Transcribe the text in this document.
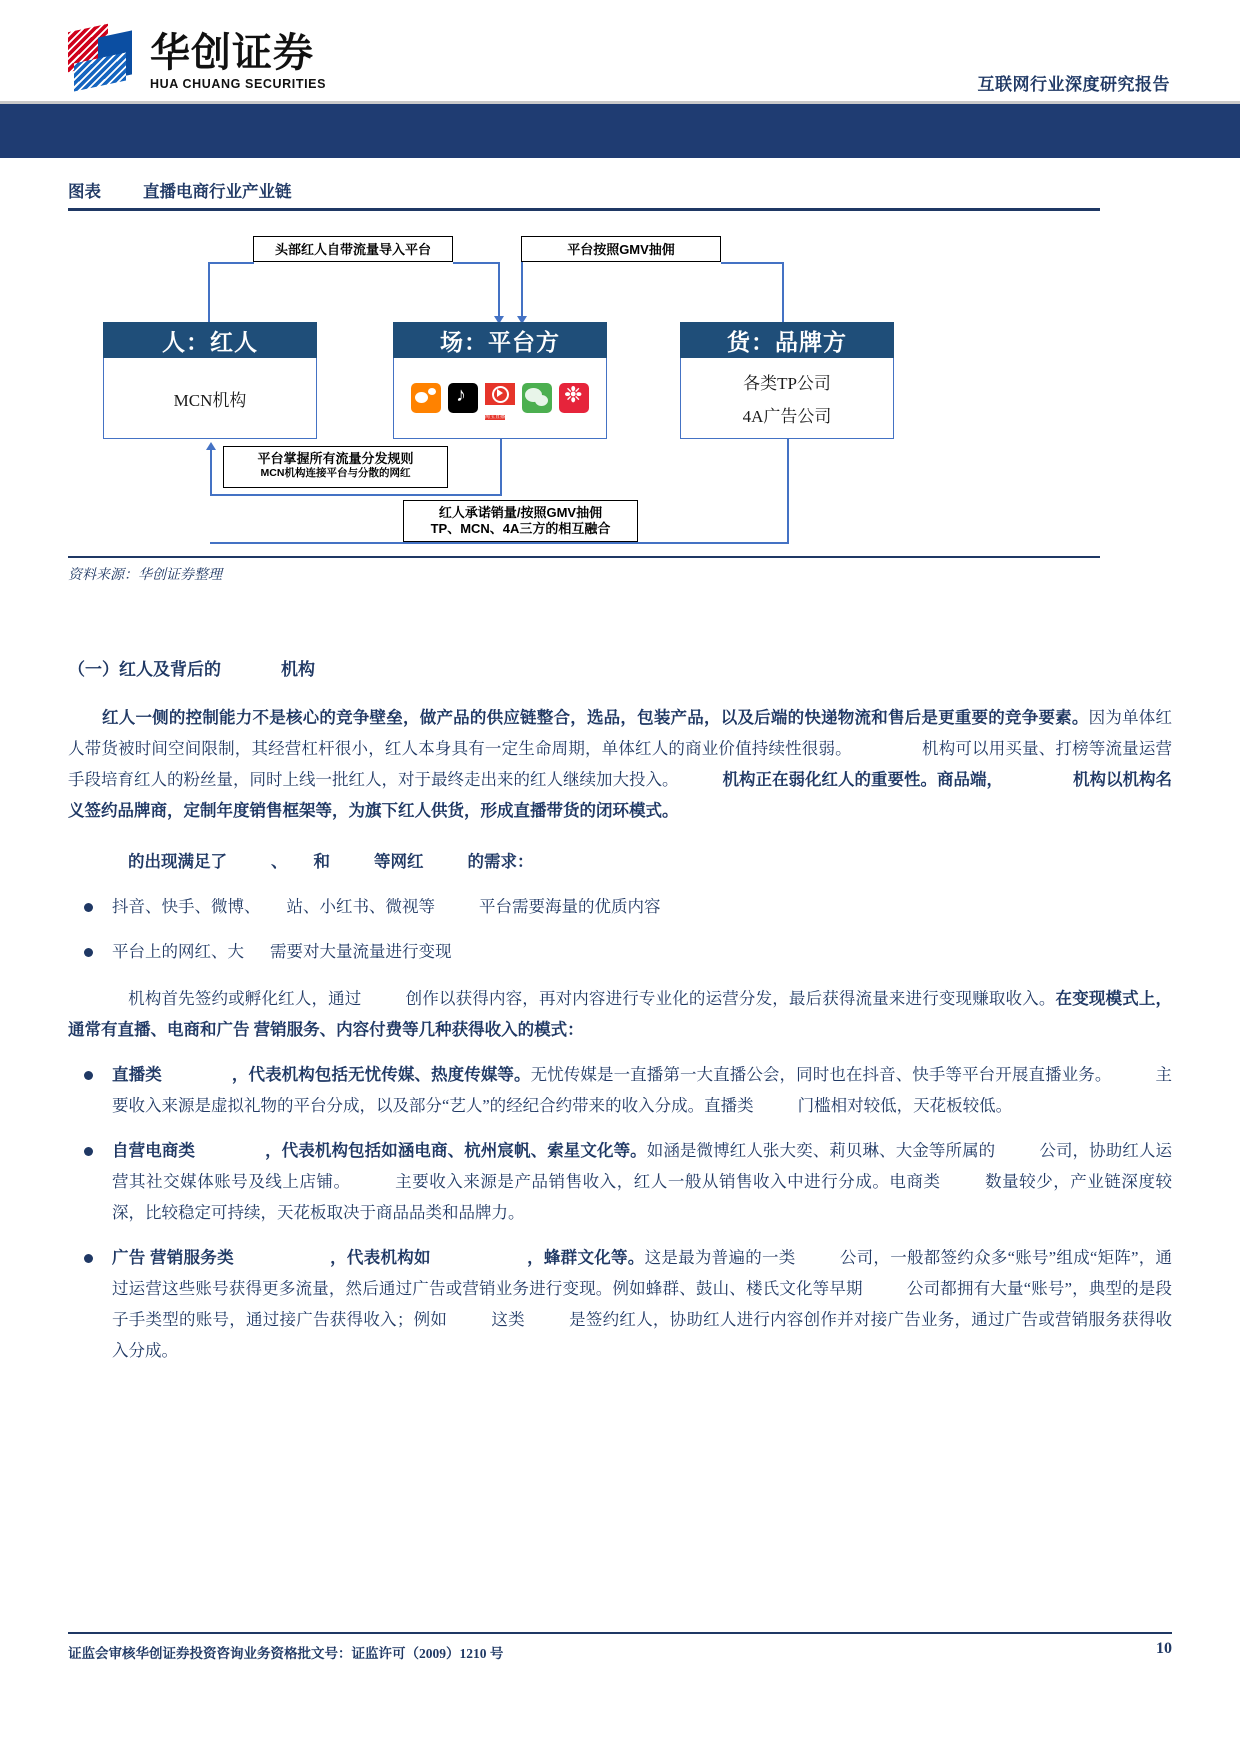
华创证券
HUA CHUANG SECURITIES	互联网行业深度研究报告
图表	直播电商行业产业链
头部红人自带流量导入平台	平台按照GMV抽佣
人：红人
MCN机构
场：平台方
♪
淘宝直播
❉
货：品牌方
各类TP公司
4A广告公司
平台掌握所有流量分发规则
MCN机构连接平台与分散的网红
红人承诺销量/按照GMV抽佣
TP、MCN、4A三方的相互融合
资料来源：华创证券整理
（一）红人及背后的	机构

红人一侧的控制能力不是核心的竞争壁垒，做产品的供应链整合，选品，包装产品，以及后端的快递物流和售后是更重要的竞争要素。因为单体红人带货被时间空间限制，其经营杠杆很小，红人本身具有一定生命周期，单体红人的商业价值持续性很弱。	机构可以用买量、打榜等流量运营手段培育红人的粉丝量，同时上线一批红人，对于最终走出来的红人继续加大投入。	机构正在弱化红人的重要性。商品端，	机构以机构名义签约品牌商，定制年度销售框架等，为旗下红人供货，形成直播带货的闭环模式。

的出现满足了	、 和	等网红	的需求：

抖音、快手、微博、 站、小红书、微视等	平台需要海量的优质内容
平台上的网红、大 需要对大量流量进行变现

机构首先签约或孵化红人，通过	创作以获得内容，再对内容进行专业化的运营分发，最后获得流量来进行变现赚取收入。在变现模式上，通常有直播、电商和广告 营销服务、内容付费等几种获得收入的模式：

直播类	，代表机构包括无忧传媒、热度传媒等。无忧传媒是一直播第一大直播公会，同时也在抖音、快手等平台开展直播业务。	主要收入来源是虚拟礼物的平台分成，以及部分“艺人”的经纪合约带来的收入分成。直播类	门槛相对较低，天花板较低。
自营电商类	，代表机构包括如涵电商、杭州宸帆、索星文化等。如涵是微博红人张大奕、莉贝琳、大金等所属的	公司，协助红人运营其社交媒体账号及线上店铺。	主要收入来源是产品销售收入，红人一般从销售收入中进行分成。电商类	数量较少，产业链深度较深，比较稳定可持续，天花板取决于商品品类和品牌力。
广告 营销服务类	，代表机构如	，蜂群文化等。这是最为普遍的一类	公司，一般都签约众多“账号”组成“矩阵”，通过运营这些账号获得更多流量，然后通过广告或营销业务进行变现。例如蜂群、鼓山、楼氏文化等早期	公司都拥有大量“账号”，典型的是段子手类型的账号，通过接广告获得收入；例如	这类	是签约红人，协助红人进行内容创作并对接广告业务，通过广告或营销服务获得收入分成。
证监会审核华创证券投资咨询业务资格批文号：证监许可（2009）1210 号	10
